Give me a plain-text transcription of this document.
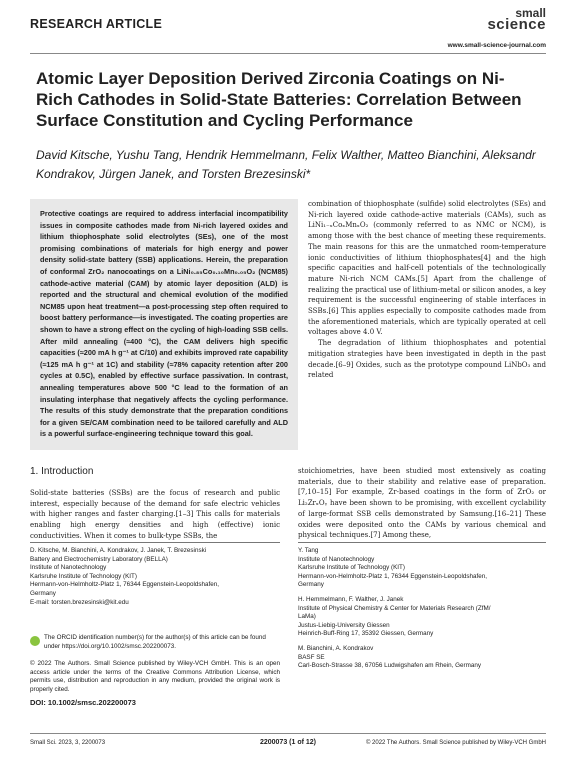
RESEARCH ARTICLE
small
science
www.small-science-journal.com
Atomic Layer Deposition Derived Zirconia Coatings on Ni-Rich Cathodes in Solid-State Batteries: Correlation Between Surface Constitution and Cycling Performance
David Kitsche, Yushu Tang, Hendrik Hemmelmann, Felix Walther, Matteo Bianchini, Aleksandr Kondrakov, Jürgen Janek, and Torsten Brezesinski*

Protective coatings are required to address interfacial incompatibility issues in composite cathodes made from Ni-rich layered oxides and lithium thiophosphate solid electrolytes (SEs), one of the most promising combinations of materials for high energy and power density solid-state battery (SSB) applications. Herein, the preparation of conformal ZrO₂ nanocoatings on a LiNi₀.₈₅Co₀.₁₀Mn₀.₀₅O₂ (NCM85) cathode-active material (CAM) by atomic layer deposition (ALD) is reported and the structural and chemical evolution of the modified NCM85 upon heat treatment—a post-processing step often required to boost battery performance—is investigated. The coating properties are shown to have a strong effect on the cycling of high-loading SSB cells. After mild annealing (≈400 °C), the CAM delivers high specific capacities (≈200 mA h g⁻¹ at C/10) and exhibits improved rate capability (≈125 mA h g⁻¹ at 1C) and stability (≈78% capacity retention after 200 cycles at 0.5C), enabled by effective surface passivation. In contrast, annealing temperatures above 500 °C lead to the formation of an insulating interphase that negatively affects the cycling performance. The results of this study demonstrate that the preparation conditions for a given SE/CAM combination need to be tailored carefully and ALD is a powerful surface-engineering technique toward this goal.

combination of thiophosphate (sulfide) solid electrolytes (SEs) and Ni-rich layered oxide cathode-active materials (CAMs), such as LiNi₁₋ₓCoₓMnₓO₂ (commonly referred to as NMC or NCM), is among those with the best chance of meeting these requirements. The main reasons for this are the unmatched room-temperature ionic conductivities of lithium thiophosphates[4] and the high specific capacities and half-cell potentials of the technologically mature Ni-rich NCM CAMs.[5] Apart from the challenge of realizing the practical use of lithium-metal or silicon anodes, a key requirement is the successful engineering of stable interfaces in SSBs.[6] This applies especially to composite cathodes made from the aforementioned materials, which are typically operated at cell voltages above 4.0 V.

The degradation of lithium thiophosphates and potential mitigation strategies have been investigated in depth in the past decade.[6–9] Oxides, such as the prototype compound LiNbO₃ and related

1. Introduction

Solid-state batteries (SSBs) are the focus of research and public interest, especially because of the demand for safe electric vehicles with higher ranges and faster charging.[1–3] This calls for materials enabling high energy densities and high (effective) ionic conductivities. When it comes to bulk-type SSBs, the

stoichiometries, have been studied most extensively as coating materials, due to their stability and relative ease of preparation.[7,10–15] For example, Zr-based coatings in the form of ZrO₂ or Li₂ZrₓOᵧ have been shown to be promising, with excellent cyclability of large-format SSB cells demonstrated by Samsung.[16–21] These oxides were deposited onto the CAMs by various chemical and physical techniques.[7] Among these,

D. Kitsche, M. Bianchini, A. Kondrakov, J. Janek, T. Brezesinski
Battery and Electrochemistry Laboratory (BELLA)
Institute of Nanotechnology
Karlsruhe Institute of Technology (KIT)
Hermann-von-Helmholtz-Platz 1, 76344 Eggenstein-Leopoldshafen,
Germany
E-mail: torsten.brezesinski@kit.edu
The ORCID identification number(s) for the author(s) of this article can be found under https://doi.org/10.1002/smsc.202200073.
© 2022 The Authors. Small Science published by Wiley-VCH GmbH. This is an open access article under the terms of the Creative Commons Attribution License, which permits use, distribution and reproduction in any medium, provided the original work is properly cited.
DOI: 10.1002/smsc.202200073
Y. Tang
Institute of Nanotechnology
Karlsruhe Institute of Technology (KIT)
Hermann-von-Helmholtz-Platz 1, 76344 Eggenstein-Leopoldshafen,
Germany
H. Hemmelmann, F. Walther, J. Janek
Institute of Physical Chemistry & Center for Materials Research (ZfM/
LaMa)
Justus-Liebig-University Giessen
Heinrich-Buff-Ring 17, 35392 Giessen, Germany
M. Bianchini, A. Kondrakov
BASF SE
Carl-Bosch-Strasse 38, 67056 Ludwigshafen am Rhein, Germany
Small Sci. 2023, 3, 2200073	2200073 (1 of 12)	© 2022 The Authors. Small Science published by Wiley-VCH GmbH
